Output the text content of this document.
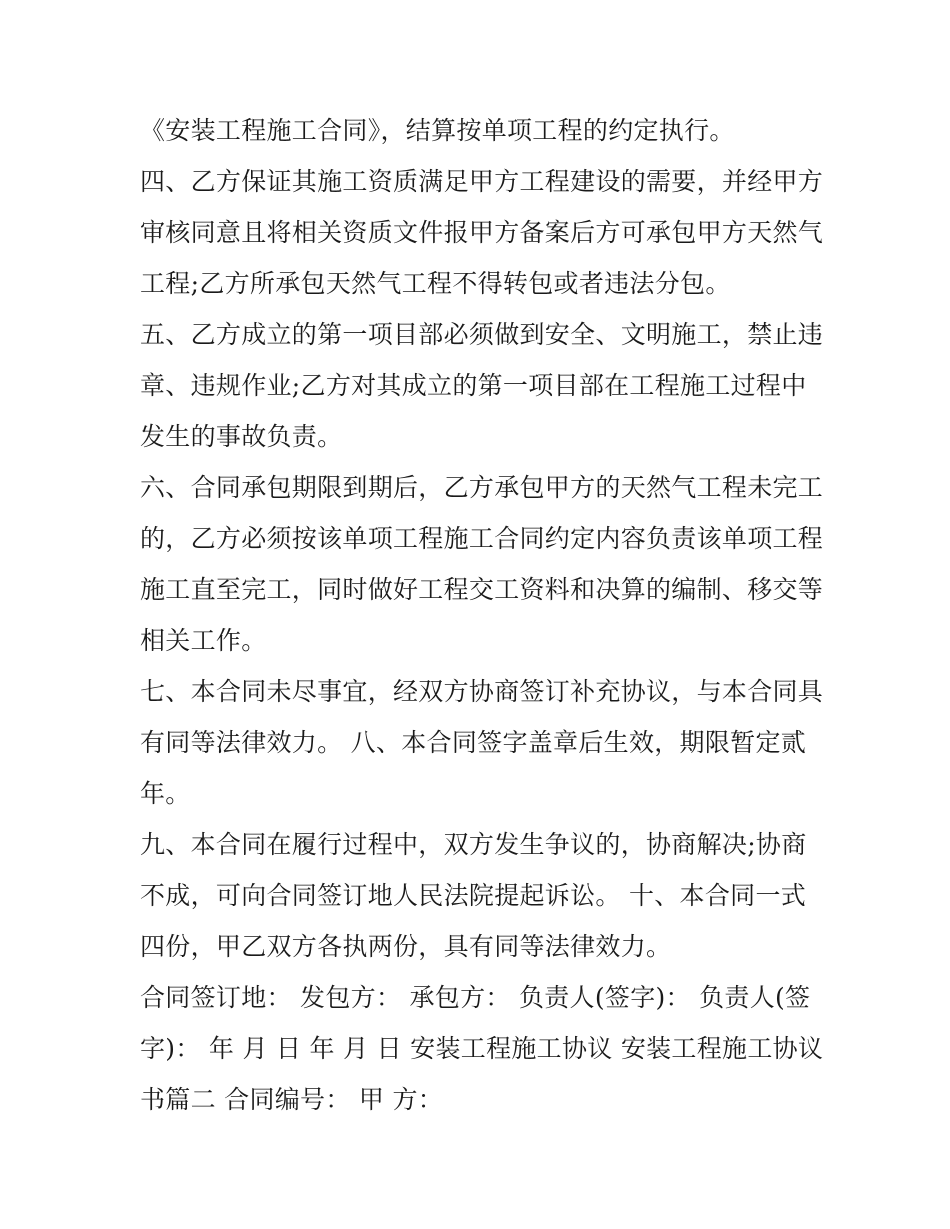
《安装工程施工合同》，结算按单项工程的约定执行。

四、乙方保证其施工资质满足甲方工程建设的需要，并经甲方
审核同意且将相关资质文件报甲方备案后方可承包甲方天然气
工程;乙方所承包天然气工程不得转包或者违法分包。

五、乙方成立的第一项目部必须做到安全、文明施工，禁止违
章、违规作业;乙方对其成立的第一项目部在工程施工过程中
发生的事故负责。

六、合同承包期限到期后，乙方承包甲方的天然气工程未完工
的，乙方必须按该单项工程施工合同约定内容负责该单项工程
施工直至完工，同时做好工程交工资料和决算的编制、移交等
相关工作。

七、本合同未尽事宜，经双方协商签订补充协议，与本合同具
有同等法律效力。 八、本合同签字盖章后生效，期限暂定贰
年。

九、本合同在履行过程中，双方发生争议的，协商解决;协商
不成，可向合同签订地人民法院提起诉讼。 十、本合同一式
四份，甲乙双方各执两份，具有同等法律效力。

合同签订地： 发包方： 承包方： 负责人(签字)： 负责人(签
字)： 年 月 日 年 月 日 安装工程施工协议 安装工程施工协议
书篇二 合同编号： 甲 方：
